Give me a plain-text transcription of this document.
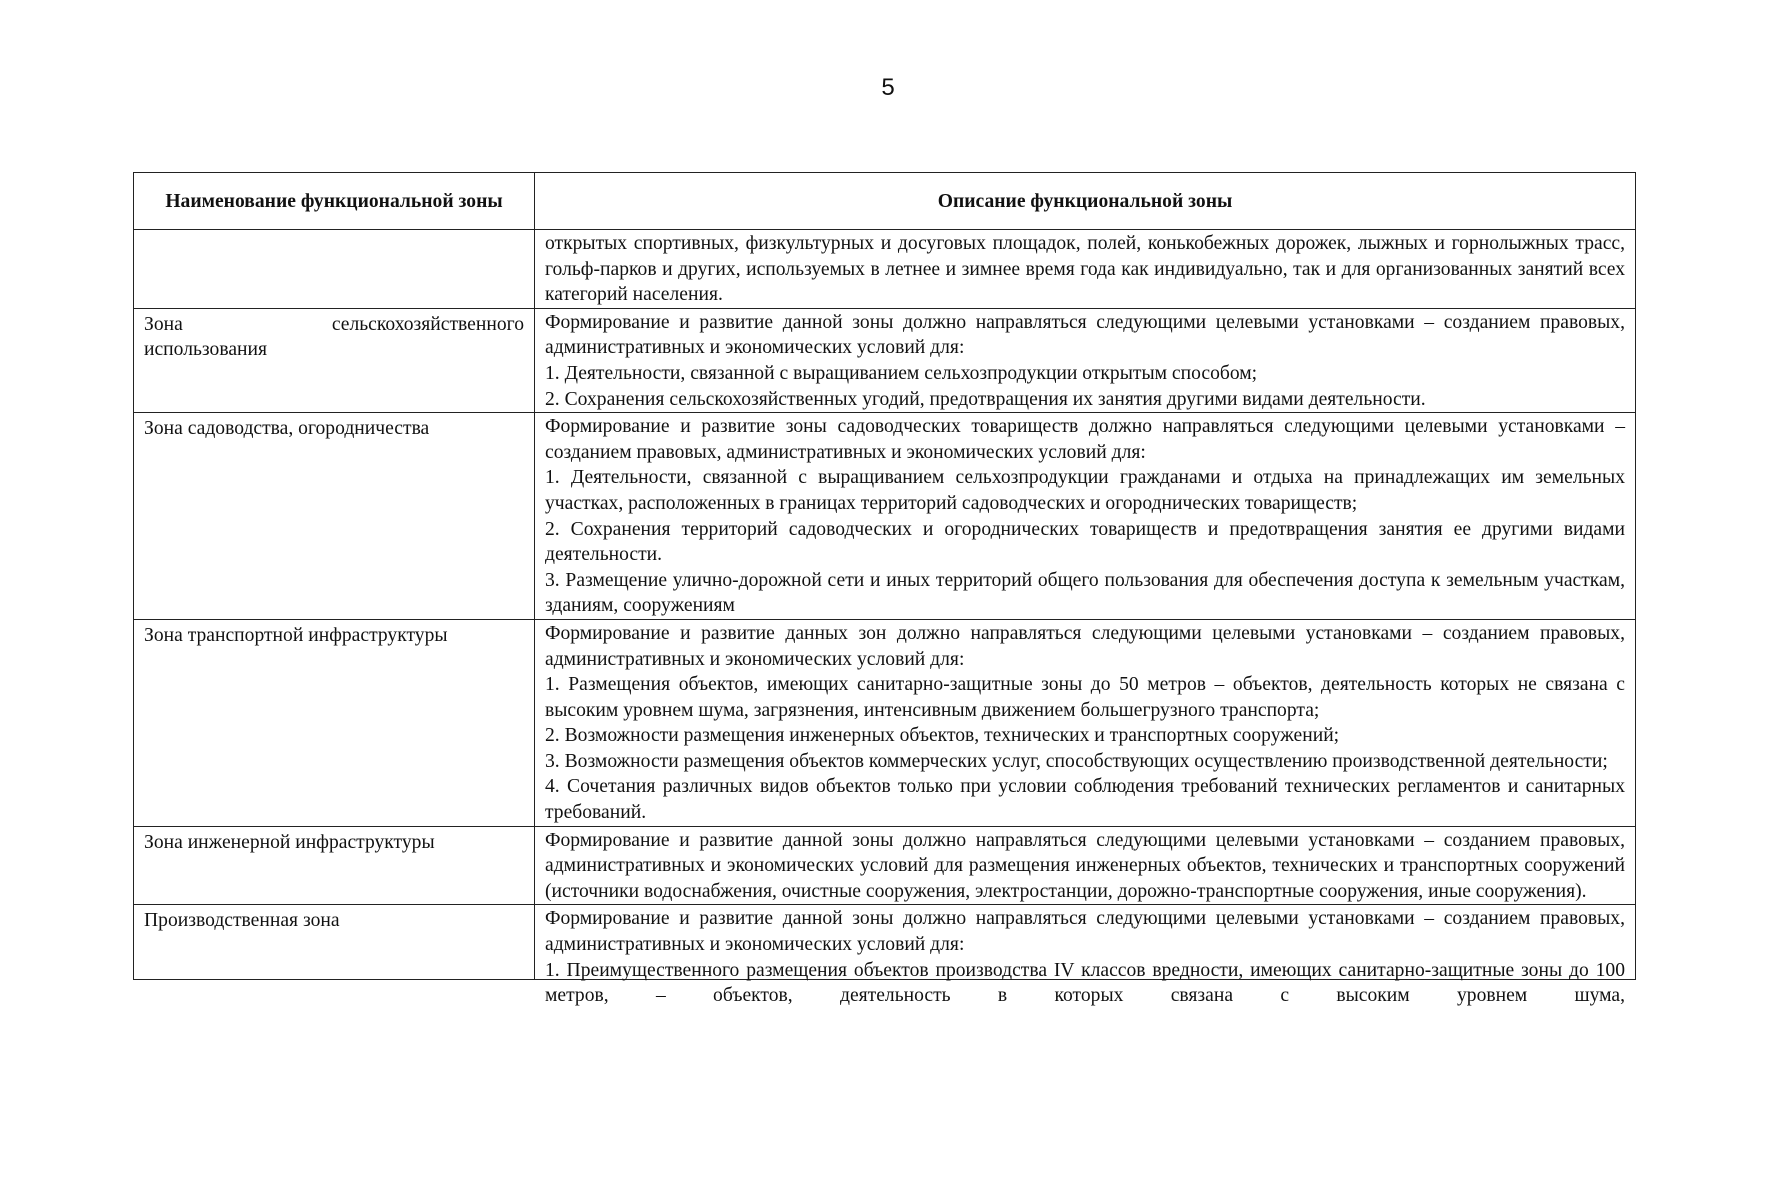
5
Наименование функциональной зоны	Описание функциональной зоны

	открытых спортивных, физкультурных и досуговых площадок, полей, конькобежных дорожек, лыжных и горнолыжных трасс, гольф-парков и других, используемых в летнее и зимнее время года как индивидуально, так и для организованных занятий всех категорий населения.

Зона сельскохозяйственного
использования	Формирование и развитие данной зоны должно направляться следующими целевыми установками – созданием правовых, административных и экономических условий для:
1. Деятельности, связанной с выращиванием сельхозпродукции открытым способом;
2. Сохранения сельскохозяйственных угодий, предотвращения их занятия другими видами деятельности.

Зона садоводства, огородничества	Формирование и развитие зоны садоводческих товариществ должно направляться следующими целевыми установками – созданием правовых, административных и экономических условий для:
1. Деятельности, связанной с выращиванием сельхозпродукции гражданами и отдыха на принадлежащих им земельных участках, расположенных в границах территорий садоводческих и огороднических товариществ;
2. Сохранения территорий садоводческих и огороднических товариществ и предотвращения занятия ее другими видами деятельности.
3. Размещение улично-дорожной сети и иных территорий общего пользования для обеспечения доступа к земельным участкам, зданиям, сооружениям

Зона транспортной инфраструктуры	Формирование и развитие данных зон должно направляться следующими целевыми установками – созданием правовых, административных и экономических условий для:
1. Размещения объектов, имеющих санитарно-защитные зоны до 50 метров – объектов, деятельность которых не связана с высоким уровнем шума, загрязнения, интенсивным движением большегрузного транспорта;
2. Возможности размещения инженерных объектов, технических и транспортных сооружений;
3. Возможности размещения объектов коммерческих услуг, способствующих осуществлению производственной деятельности;
4. Сочетания различных видов объектов только при условии соблюдения требований технических регламентов и санитарных требований.

Зона инженерной инфраструктуры	Формирование и развитие данной зоны должно направляться следующими целевыми установками – созданием правовых, административных и экономических условий для размещения инженерных объектов, технических и транспортных сооружений (источники водоснабжения, очистные сооружения, электростанции, дорожно-транспортные сооружения, иные сооружения).

Производственная зона	Формирование и развитие данной зоны должно направляться следующими целевыми установками – созданием правовых, административных и экономических условий для:
1. Преимущественного размещения объектов производства IV классов вредности, имеющих санитарно-защитные зоны до 100 метров, – объектов, деятельность в которых связана с высоким уровнем шума,
